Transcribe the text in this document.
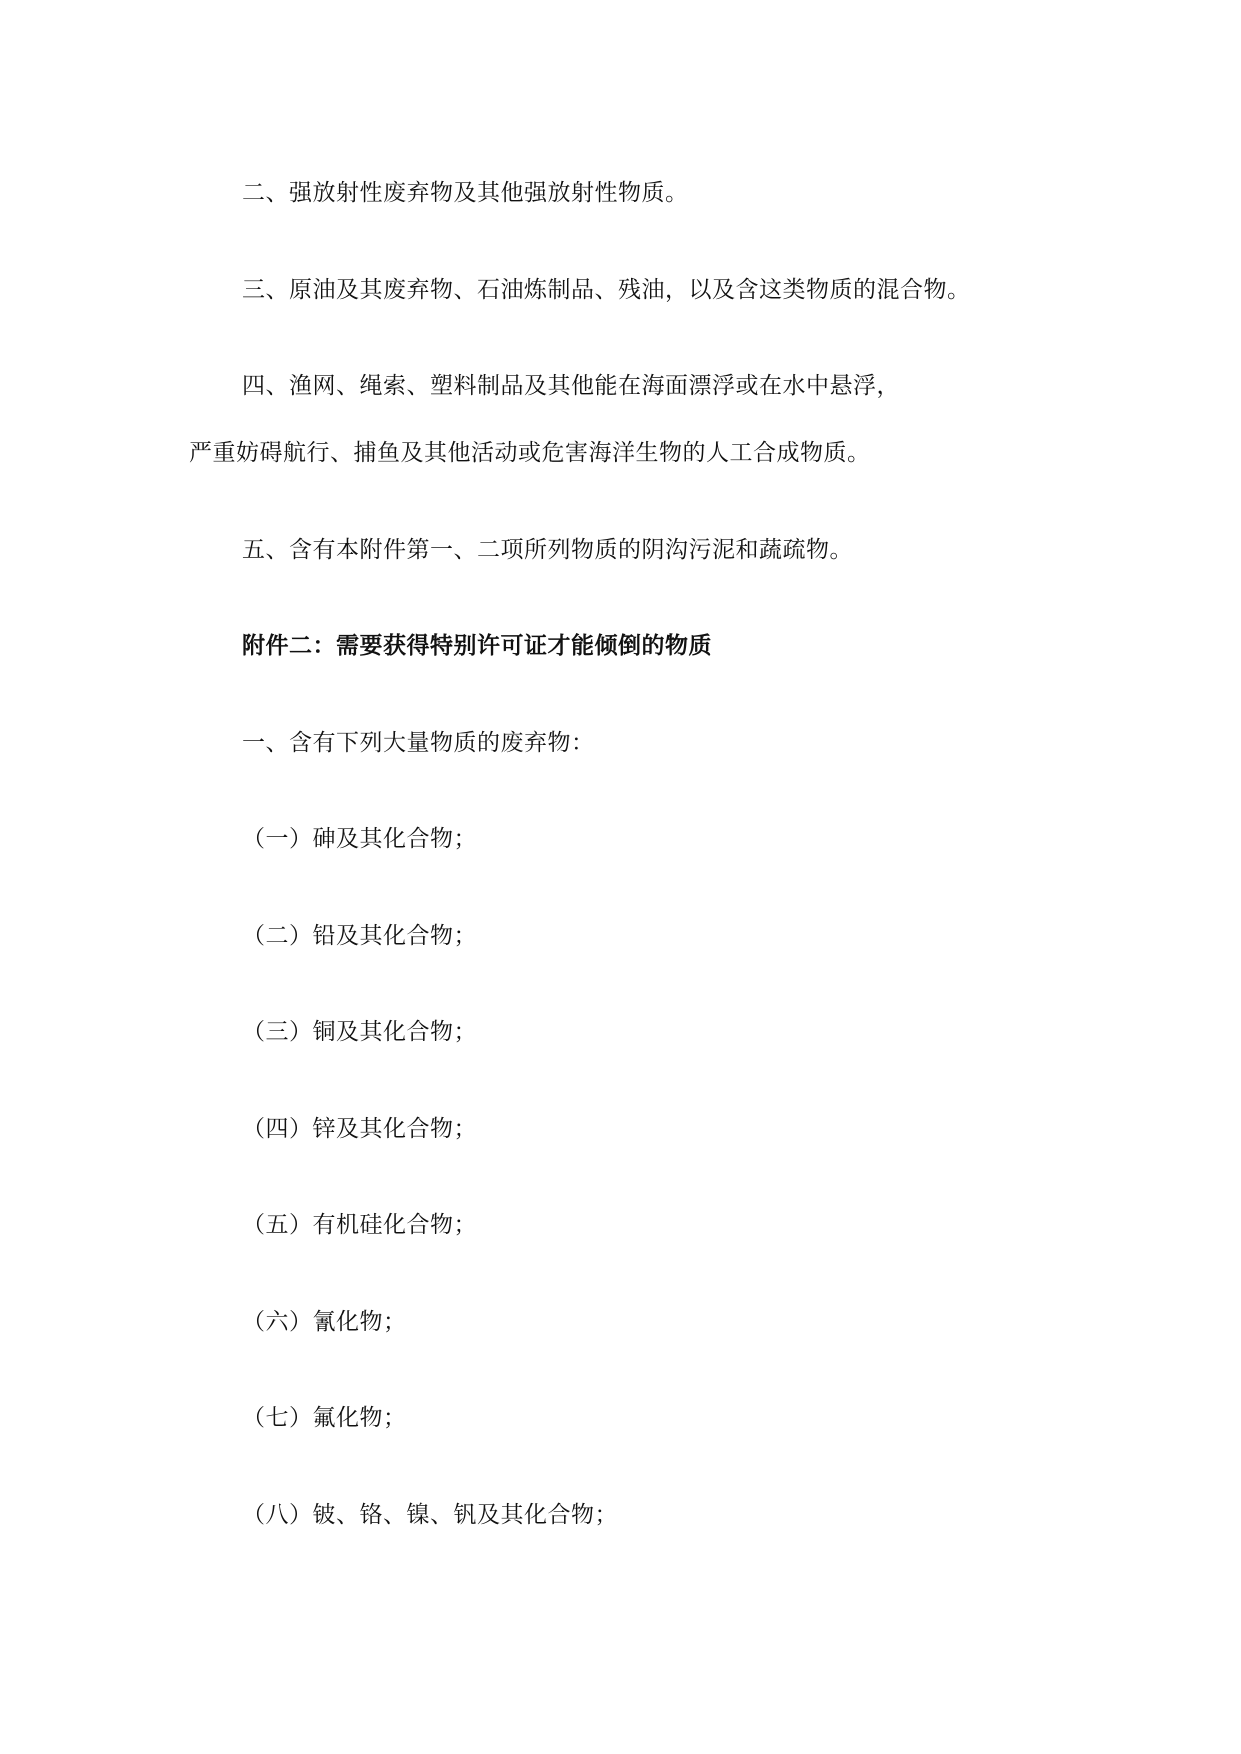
二、强放射性废弃物及其他强放射性物质。
三、原油及其废弃物、石油炼制品、残油，以及含这类物质的混合物。
四、渔网、绳索、塑料制品及其他能在海面漂浮或在水中悬浮，
严重妨碍航行、捕鱼及其他活动或危害海洋生物的人工合成物质。
五、含有本附件第一、二项所列物质的阴沟污泥和蔬疏物。
附件二：需要获得特别许可证才能倾倒的物质
一、含有下列大量物质的废弃物：
（一）砷及其化合物；
（二）铅及其化合物；
（三）铜及其化合物；
（四）锌及其化合物；
（五）有机硅化合物；
（六）氰化物；
（七）氟化物；
（八）铍、铬、镍、钒及其化合物；
